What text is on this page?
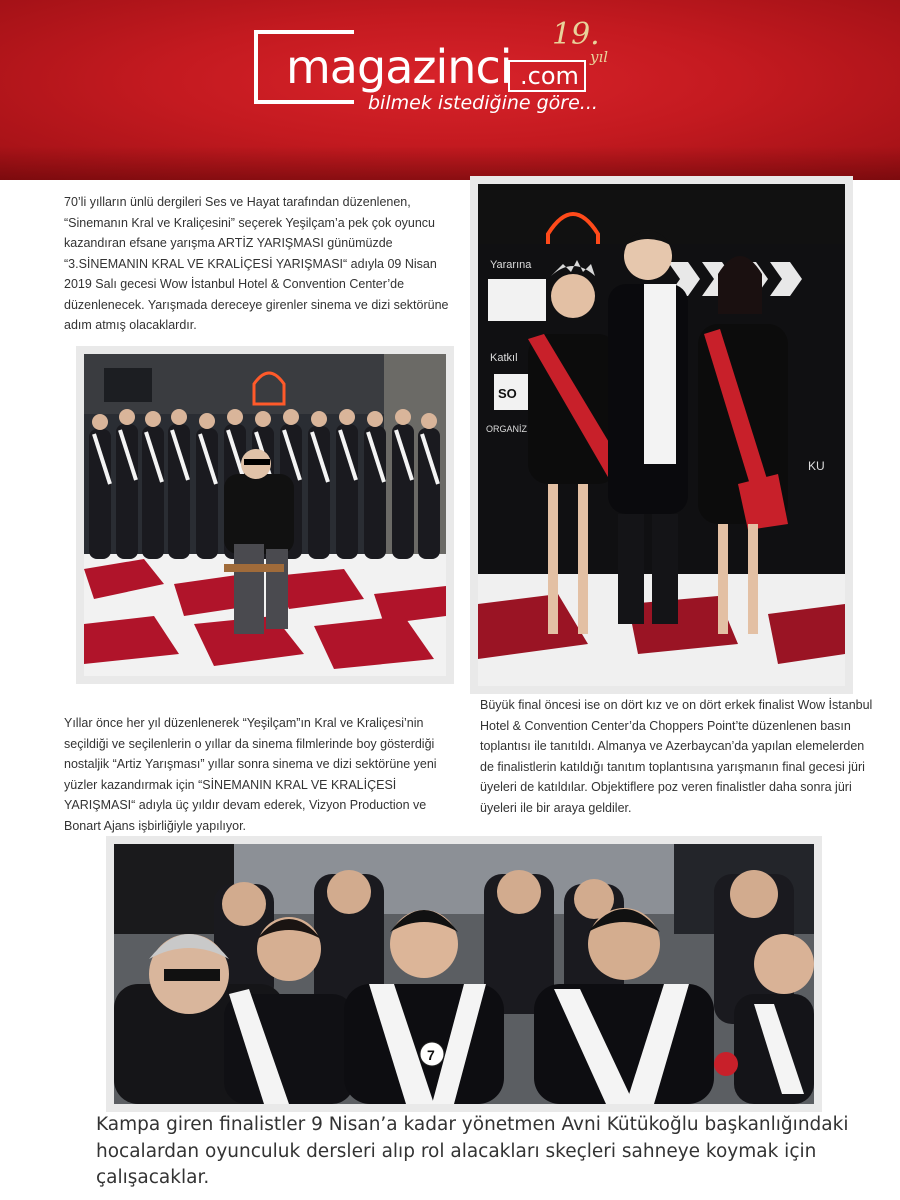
magazinci .com
19.
yıl
bilmek istediğine göre...

70’li yılların ünlü dergileri Ses ve Hayat tarafından düzenlenen, “Sinemanın Kral ve Kraliçesini” seçerek Yeşilçam’a pek çok oyuncu kazandıran efsane yarışma ARTİZ YARIŞMASI günümüzde “3.SİNEMANIN KRAL VE KRALİÇESİ YARIŞMASI“ adıyla 09 Nisan 2019 Salı gecesi Wow İstanbul Hotel & Convention Center’de düzenlenecek. Yarışmada dereceye girenler sinema ve dizi sektörüne adım atmış olacaklardır.

Yararına
Katkıl
SO
ORGANİZ
KU

Yıllar önce her yıl düzenlenerek “Yeşilçam”ın Kral ve Kraliçesi’nin seçildiği ve seçilenlerin o yıllar da sinema filmlerinde boy gösterdiği nostaljik “Artiz Yarışması” yıllar sonra sinema ve dizi sektörüne yeni yüzler kazandırmak için “SİNEMANIN KRAL VE KRALİÇESİ YARIŞMASI“ adıyla üç yıldır devam ederek, Vizyon Production ve Bonart Ajans işbirliğiyle yapılıyor.

Büyük final öncesi ise on dört kız ve on dört erkek finalist Wow İstanbul Hotel & Convention Center’da Choppers Point’te düzenlenen basın toplantısı ile tanıtıldı. Almanya ve Azerbaycan’da yapılan elemelerden de finalistlerin katıldığı tanıtım toplantısına yarışmanın final gecesi jüri üyeleri de katıldılar. Objektiflere poz veren finalistler daha sonra jüri üyeleri ile bir araya geldiler.

7

Kampa giren finalistler 9 Nisan’a kadar yönetmen Avni Kütükoğlu başkanlığındaki hocalardan oyunculuk dersleri alıp rol alacakları skeçleri sahneye koymak için çalışacaklar.
